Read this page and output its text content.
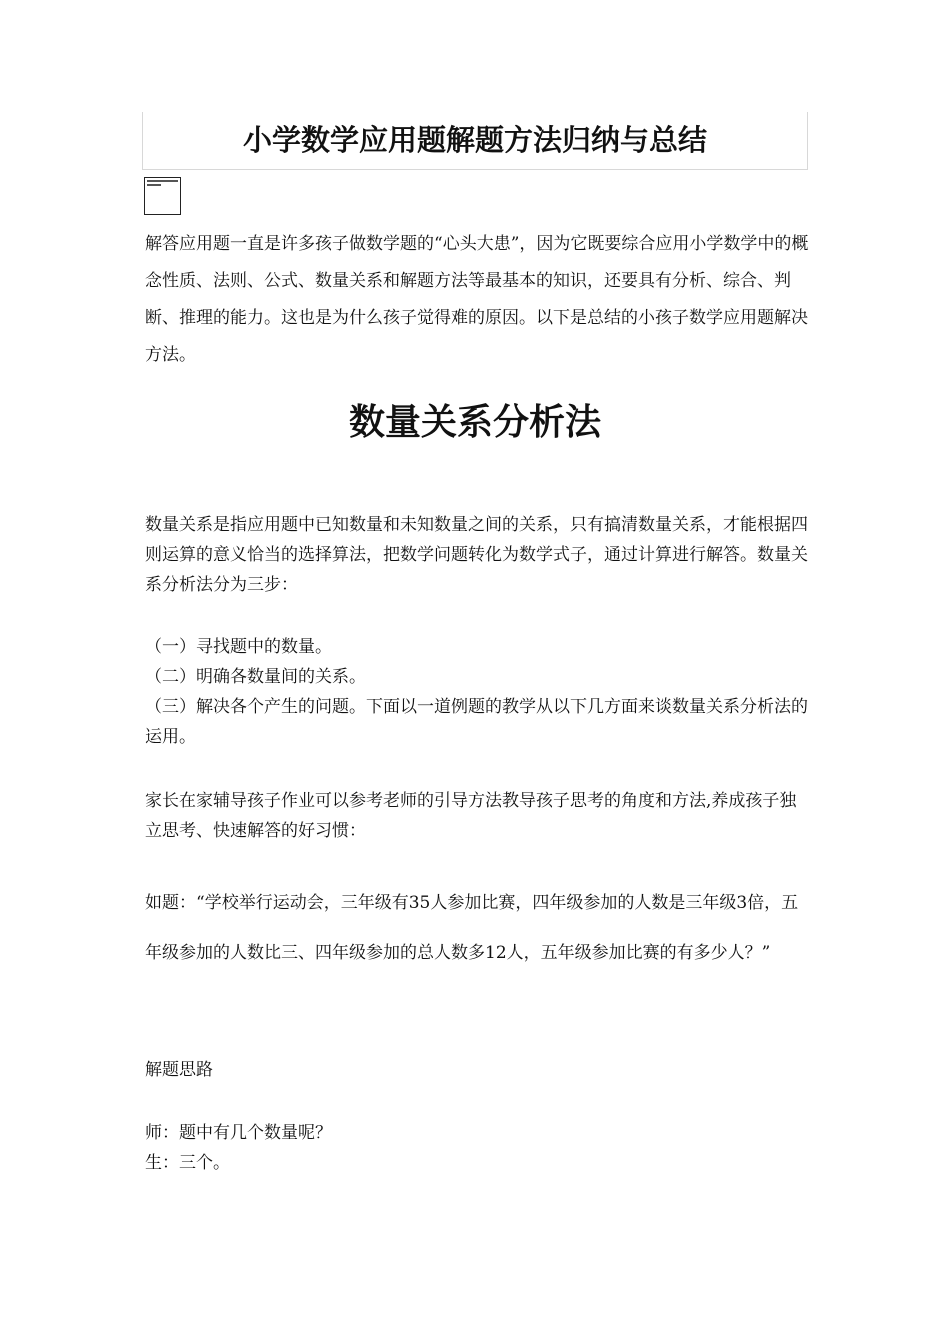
小学数学应用题解题方法归纳与总结

解答应用题一直是许多孩子做数学题的“心头大患”，因为它既要综合应用小学数学中的概念性质、法则、公式、数量关系和解题方法等最基本的知识，还要具有分析、综合、判断、推理的能力。这也是为什么孩子觉得难的原因。以下是总结的小孩子数学应用题解决方法。

数量关系分析法

数量关系是指应用题中已知数量和未知数量之间的关系，只有搞清数量关系，才能根据四则运算的意义恰当的选择算法，把数学问题转化为数学式子，通过计算进行解答。数量关系分析法分为三步：

（一）寻找题中的数量。
（二）明确各数量间的关系。
（三）解决各个产生的问题。下面以一道例题的教学从以下几方面来谈数量关系分析法的运用。

家长在家辅导孩子作业可以参考老师的引导方法教导孩子思考的角度和方法,养成孩子独立思考、快速解答的好习惯：

如题：“学校举行运动会，三年级有35人参加比赛，四年级参加的人数是三年级3倍，五年级参加的人数比三、四年级参加的总人数多12人，五年级参加比赛的有多少人？”

解题思路

师：题中有几个数量呢？
生：三个。
